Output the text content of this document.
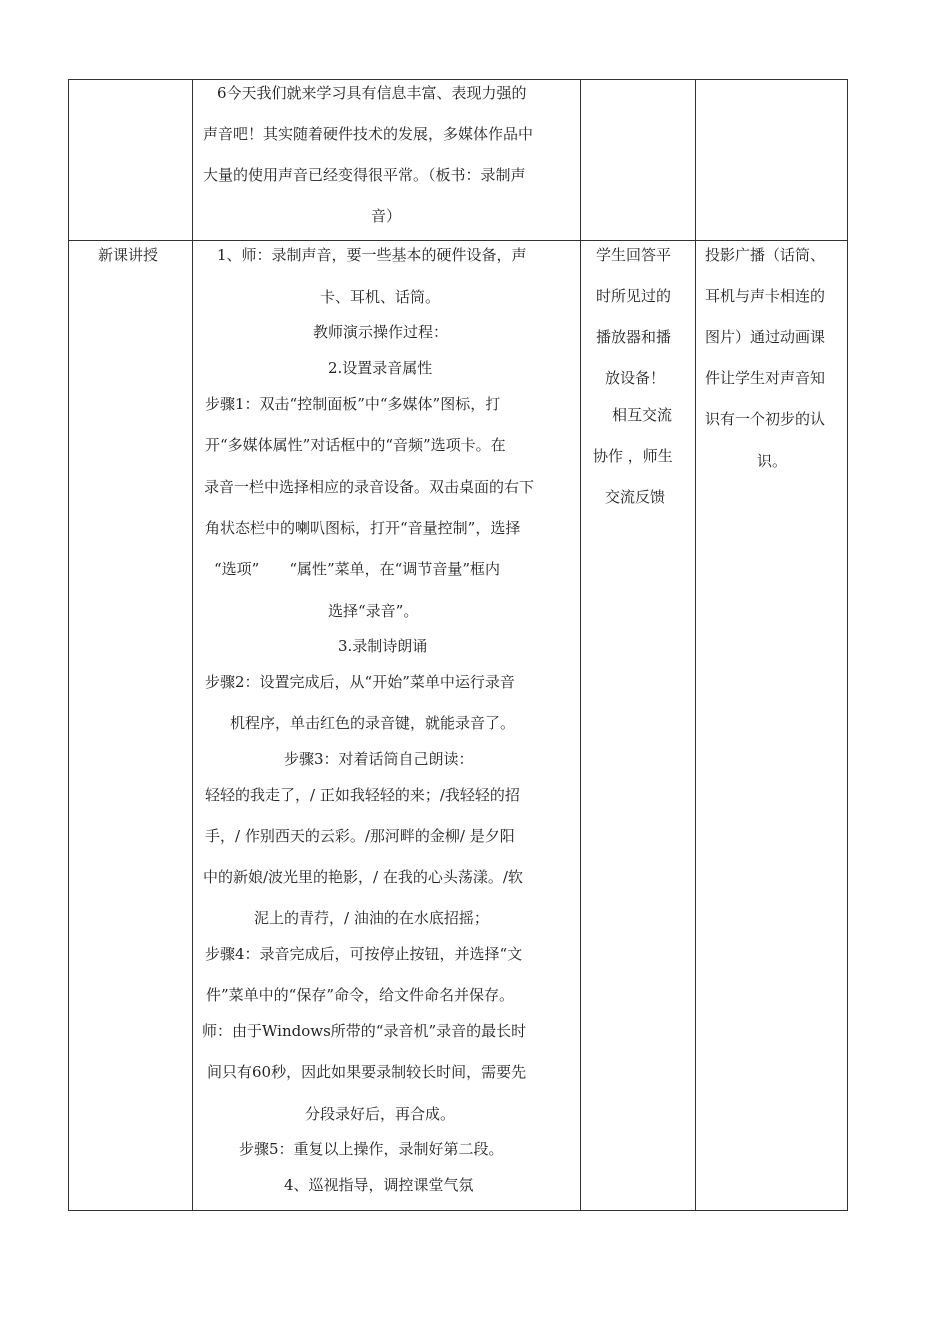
6今天我们就来学习具有信息丰富、表现力强的
声音吧！其实随着硬件技术的发展，多媒体作品中
大量的使用声音已经变得很平常。（板书：录制声
音）
新课讲授	1、师：录制声音，要一些基本的硬件设备，声
卡、耳机、话筒。
教师演示操作过程：
2.设置录音属性
步骤1：双击“控制面板”中“多媒体”图标，打
开“多媒体属性”对话框中的“音频”选项卡。在
录音一栏中选择相应的录音设备。双击桌面的右下
角状态栏中的喇叭图标，打开“音量控制”，选择
“选项”　　“属性”菜单，在“调节音量”框内
选择“录音”。
3.录制诗朗诵
步骤2：设置完成后，从“开始”菜单中运行录音
机程序，单击红色的录音键，就能录音了。
步骤3：对着话筒自己朗读：
轻轻的我走了，/ 正如我轻轻的来；/我轻轻的招
手，/ 作别西天的云彩。/那河畔的金柳/ 是夕阳
中的新娘/波光里的艳影，/ 在我的心头荡漾。/软
泥上的青荇，/ 油油的在水底招摇；
步骤4：录音完成后，可按停止按钮，并选择“文
件”菜单中的“保存”命令，给文件命名并保存。
师：由于Windows所带的“录音机”录音的最长时
间只有60秒，因此如果要录制较长时间，需要先
分段录好后，再合成。
步骤5：重复以上操作，录制好第二段。
4、巡视指导，调控课堂气氛
学生回答平
时所见过的
播放器和播
放设备！
相互交流
协作 ，师生
交流反馈
投影广播（话筒、
耳机与声卡相连的
图片）通过动画课
件让学生对声音知
识有一个初步的认
识。
